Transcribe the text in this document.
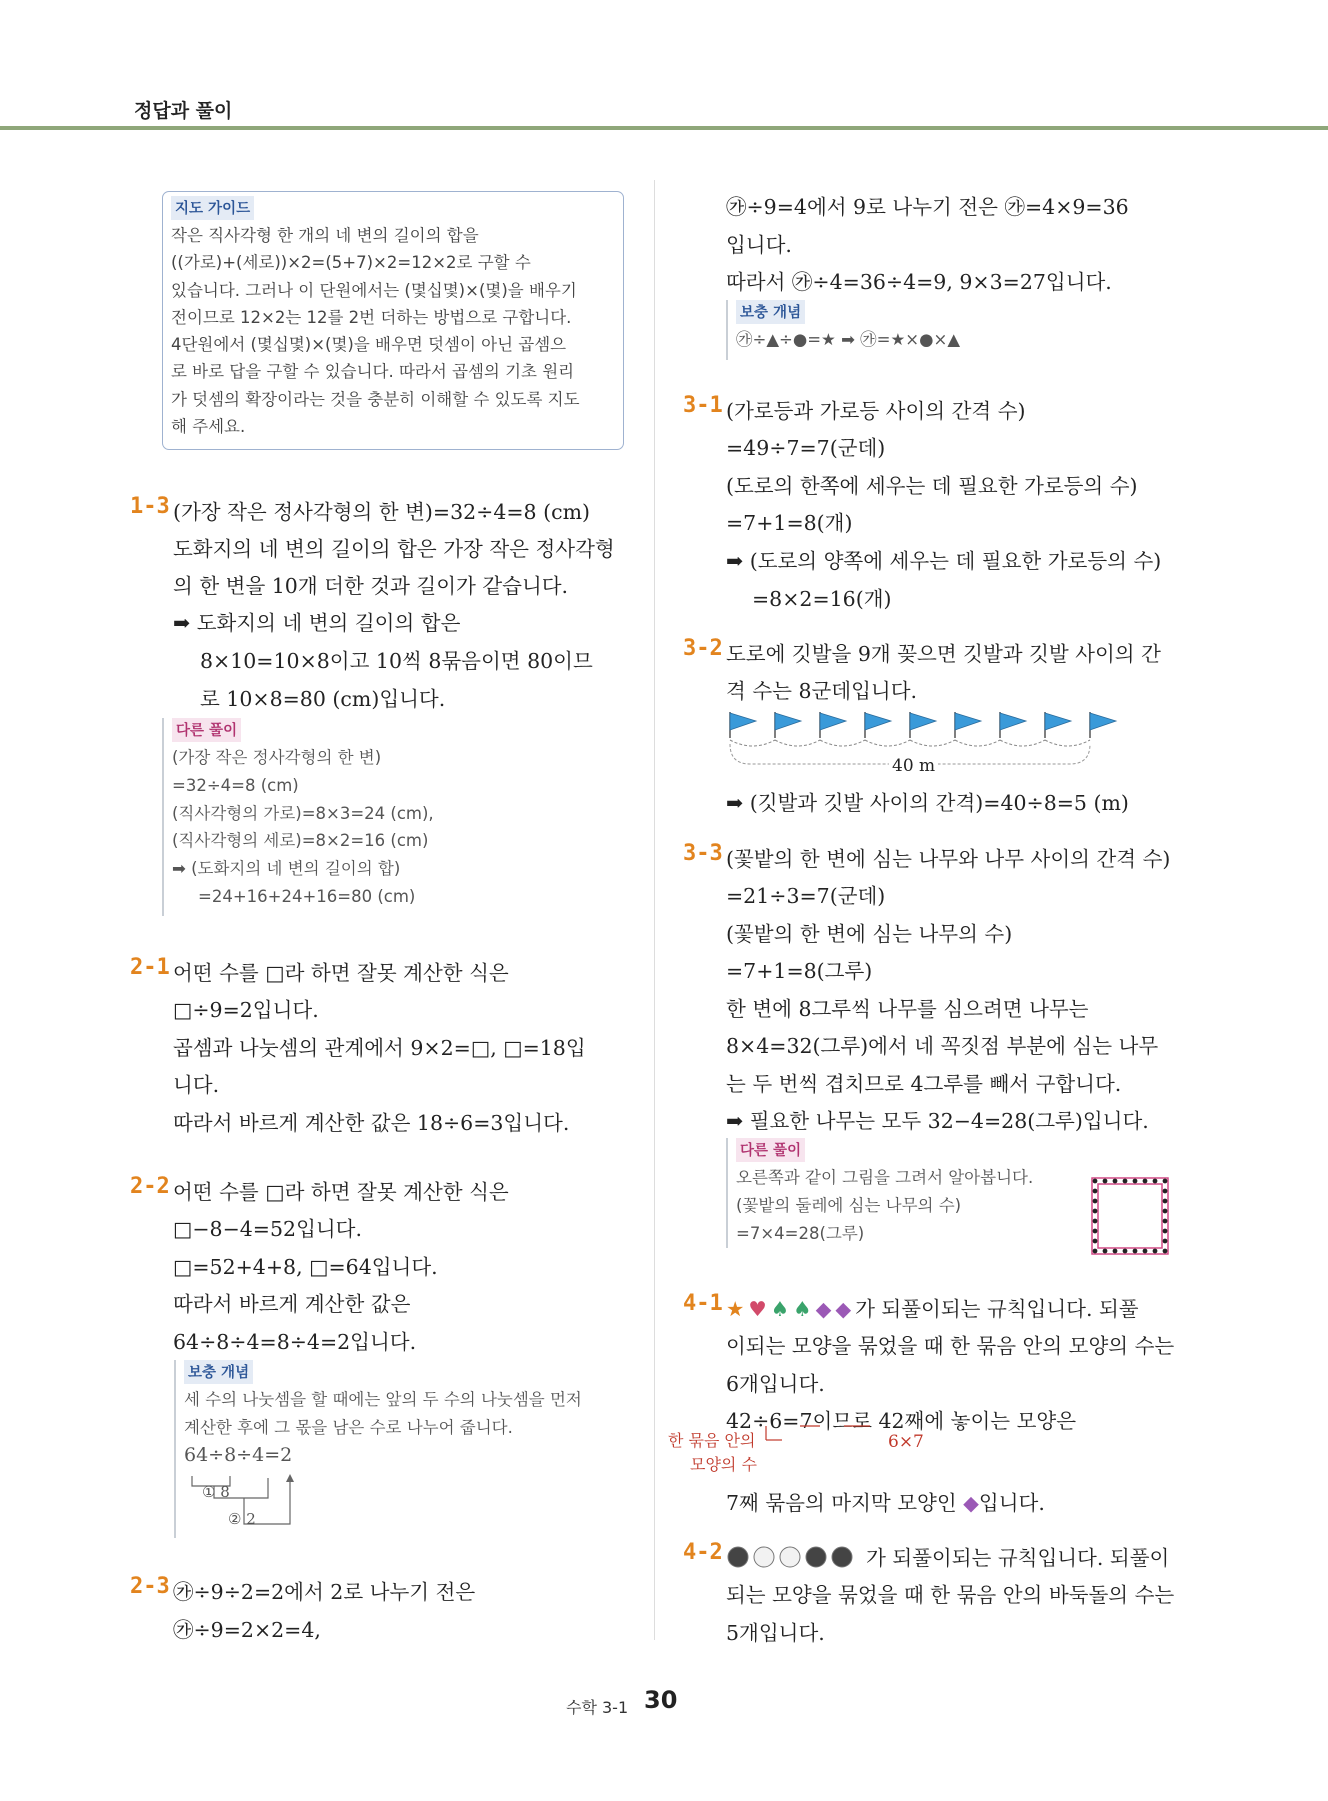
정답과 풀이
지도 가이드
작은 직사각형 한 개의 네 변의 길이의 합을
((가로)+(세로))×2=(5+7)×2=12×2로 구할 수
있습니다. 그러나 이 단원에서는 (몇십몇)×(몇)을 배우기
전이므로 12×2는 12를 2번 더하는 방법으로 구합니다.
4단원에서 (몇십몇)×(몇)을 배우면 덧셈이 아닌 곱셈으
로 바로 답을 구할 수 있습니다. 따라서 곱셈의 기초 원리
가 덧셈의 확장이라는 것을 충분히 이해할 수 있도록 지도
해 주세요.
1-3 (가장 작은 정사각형의 한 변)=32÷4=8 (cm)
도화지의 네 변의 길이의 합은 가장 작은 정사각형
의 한 변을 10개 더한 것과 길이가 같습니다.
➡ 도화지의 네 변의 길이의 합은
8×10=10×8이고 10씩 8묶음이면 80이므
로 10×8=80 (cm)입니다.
다른 풀이
(가장 작은 정사각형의 한 변)
=32÷4=8 (cm)
(직사각형의 가로)=8×3=24 (cm),
(직사각형의 세로)=8×2=16 (cm)
➡ (도화지의 네 변의 길이의 합)
=24+16+24+16=80 (cm)
2-1 어떤 수를 □라 하면 잘못 계산한 식은
□÷9=2입니다.
곱셈과 나눗셈의 관계에서 9×2=□, □=18입
니다.
따라서 바르게 계산한 값은 18÷6=3입니다.
2-2 어떤 수를 □라 하면 잘못 계산한 식은
□−8−4=52입니다.
□=52+4+8, □=64입니다.
따라서 바르게 계산한 값은
64÷8÷4=8÷4=2입니다.
보충 개념
세 수의 나눗셈을 할 때에는 앞의 두 수의 나눗셈을 먼저
계산한 후에 그 몫을 남은 수로 나누어 줍니다.
64÷8÷4=2
① 8
② 2
2-3 ㉮÷9÷2=2에서 2로 나누기 전은
㉮÷9=2×2=4,
㉮÷9=4에서 9로 나누기 전은 ㉮=4×9=36
입니다.
따라서 ㉮÷4=36÷4=9, 9×3=27입니다.
보충 개념
㉮÷▲÷●=★ ➡ ㉮=★×●×▲
3-1 (가로등과 가로등 사이의 간격 수)
=49÷7=7(군데)
(도로의 한쪽에 세우는 데 필요한 가로등의 수)
=7+1=8(개)
➡ (도로의 양쪽에 세우는 데 필요한 가로등의 수)
=8×2=16(개)
3-2 도로에 깃발을 9개 꽂으면 깃발과 깃발 사이의 간
격 수는 8군데입니다.
40 m
➡ (깃발과 깃발 사이의 간격)=40÷8=5 (m)
3-3 (꽃밭의 한 변에 심는 나무와 나무 사이의 간격 수)
=21÷3=7(군데)
(꽃밭의 한 변에 심는 나무의 수)
=7+1=8(그루)
한 변에 8그루씩 나무를 심으려면 나무는
8×4=32(그루)에서 네 꼭짓점 부분에 심는 나무
는 두 번씩 겹치므로 4그루를 빼서 구합니다.
➡ 필요한 나무는 모두 32−4=28(그루)입니다.
다른 풀이
오른쪽과 같이 그림을 그려서 알아봅니다.
(꽃밭의 둘레에 심는 나무의 수)
=7×4=28(그루)
4-1 ★ ♥ ♠ ♠ ◆ ◆ 가 되풀이되는 규칙입니다. 되풀
이되는 모양을 묶었을 때 한 묶음 안의 모양의 수는
6개입니다.
42÷6=7이므로 42째에 놓이는 모양은
한 묶음 안의
모양의 수
6×7
7째 묶음의 마지막 모양인 ◆입니다.
4-2	가 되풀이되는 규칙입니다. 되풀이
되는 모양을 묶었을 때 한 묶음 안의 바둑돌의 수는
5개입니다.
수학 3-1 30
